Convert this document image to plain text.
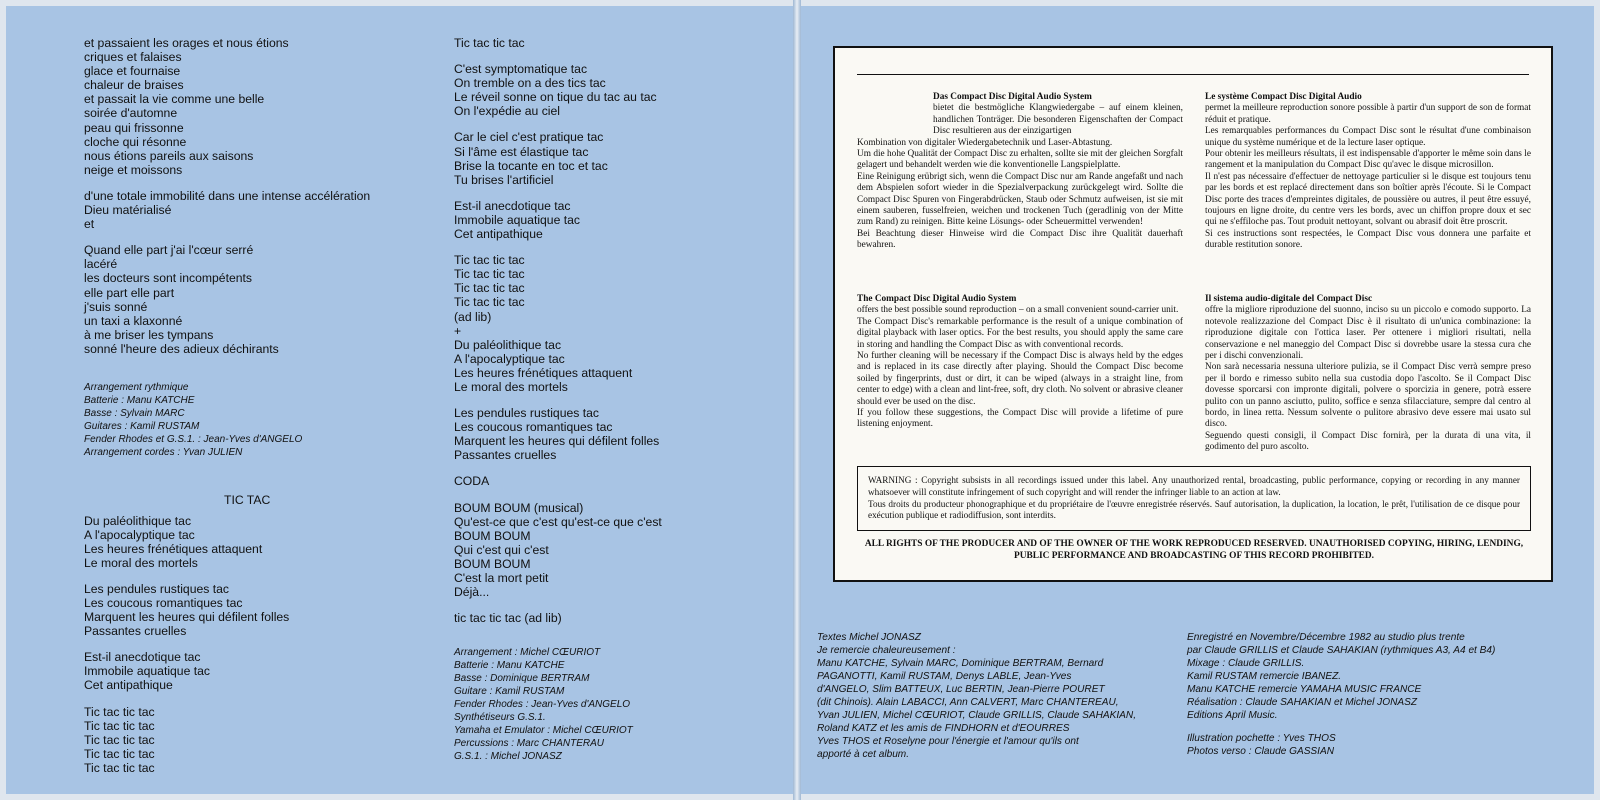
et passaient les orages et nous étions
criques et falaises
glace et fournaise
chaleur de braises
et passait la vie comme une belle
soirée d'automne
peau qui frissonne
cloche qui résonne
nous étions pareils aux saisons
neige et moissons
d'une totale immobilité dans une intense accélération
Dieu matérialisé
et
Quand elle part j'ai l'cœur serré
lacéré
les docteurs sont incompétents
elle part elle part
j'suis sonné
un taxi a klaxonné
à me briser les tympans
sonné l'heure des adieux déchirants
Arrangement rythmique
Batterie : Manu KATCHE
Basse : Sylvain MARC
Guitares : Kamil RUSTAM
Fender Rhodes et G.S.1. : Jean-Yves d'ANGELO
Arrangement cordes : Yvan JULIEN
TIC TAC
Du paléolithique tac
A l'apocalyptique tac
Les heures frénétiques attaquent
Le moral des mortels
Les pendules rustiques tac
Les coucous romantiques tac
Marquent les heures qui défilent folles
Passantes cruelles
Est-il anecdotique tac
Immobile aquatique tac
Cet antipathique
Tic tac tic tac
Tic tac tic tac
Tic tac tic tac
Tic tac tic tac
Tic tac tic tac
Tic tac tic tac
C'est symptomatique tac
On tremble on a des tics tac
Le réveil sonne on tique du tac au tac
On l'expédie au ciel
Car le ciel c'est pratique tac
Si l'âme est élastique tac
Brise la tocante en toc et tac
Tu brises l'artificiel
Est-il anecdotique tac
Immobile aquatique tac
Cet antipathique
Tic tac tic tac
Tic tac tic tac
Tic tac tic tac
Tic tac tic tac
(ad lib)
+
Du paléolithique tac
A l'apocalyptique tac
Les heures frénétiques attaquent
Le moral des mortels
Les pendules rustiques tac
Les coucous romantiques tac
Marquent les heures qui défilent folles
Passantes cruelles
CODA
BOUM BOUM (musical)
Qu'est-ce que c'est qu'est-ce que c'est
BOUM BOUM
Qui c'est qui c'est
BOUM BOUM
C'est la mort petit
Déjà...
tic tac tic tac (ad lib)
Arrangement : Michel CŒURIOT
Batterie : Manu KATCHE
Basse : Dominique BERTRAM
Guitare : Kamil RUSTAM
Fender Rhodes : Jean-Yves d'ANGELO
Synthétiseurs G.S.1.
Yamaha et Emulator : Michel CŒURIOT
Percussions : Marc CHANTERAU
G.S.1. : Michel JONASZ

Das Compact Disc Digital Audio System

bietet die bestmögliche Klangwiedergabe – auf einem kleinen, handlichen Tonträger. Die besonderen Eigenschaften der Compact Disc resultieren aus der einzigartigen

Kombination von digitaler Wiedergabetechnik und Laser-Abtastung.

Um die hohe Qualität der Compact Disc zu erhalten, sollte sie mit der gleichen Sorgfalt gelagert und behandelt werden wie die konventionelle Langspielplatte.

Eine Reinigung erübrigt sich, wenn die Compact Disc nur am Rande angefaßt und nach dem Abspielen sofort wieder in die Spezialverpackung zurückgelegt wird. Sollte die Compact Disc Spuren von Fingerabdrücken, Staub oder Schmutz aufweisen, ist sie mit einem sauberen, fusselfreien, weichen und trockenen Tuch (geradlinig von der Mitte zum Rand) zu reinigen. Bitte keine Lösungs- oder Scheuermittel verwenden!

Bei Beachtung dieser Hinweise wird die Compact Disc ihre Qualität dauerhaft bewahren.

Le système Compact Disc Digital Audio

permet la meilleure reproduction sonore possible à partir d'un support de son de format réduit et pratique.

Les remarquables performances du Compact Disc sont le résultat d'une combinaison unique du système numérique et de la lecture laser optique.

Pour obtenir les meilleurs résultats, il est indispensable d'apporter le même soin dans le rangement et la manipulation du Compact Disc qu'avec le disque microsillon.

Il n'est pas nécessaire d'effectuer de nettoyage particulier si le disque est toujours tenu par les bords et est replacé directement dans son boîtier après l'écoute. Si le Compact Disc porte des traces d'empreintes digitales, de poussière ou autres, il peut être essuyé, toujours en ligne droite, du centre vers les bords, avec un chiffon propre doux et sec qui ne s'effiloche pas. Tout produit nettoyant, solvant ou abrasif doit être proscrit.

Si ces instructions sont respectées, le Compact Disc vous donnera une parfaite et durable restitution sonore.

The Compact Disc Digital Audio System

offers the best possible sound reproduction – on a small convenient sound-carrier unit.

The Compact Disc's remarkable performance is the result of a unique combination of digital playback with laser optics. For the best results, you should apply the same care in storing and handling the Compact Disc as with conventional records.

No further cleaning will be necessary if the Compact Disc is always held by the edges and is replaced in its case directly after playing. Should the Compact Disc become soiled by fingerprints, dust or dirt, it can be wiped (always in a straight line, from center to edge) with a clean and lint-free, soft, dry cloth. No solvent or abrasive cleaner should ever be used on the disc.

If you follow these suggestions, the Compact Disc will provide a lifetime of pure listening enjoyment.

Il sistema audio-digitale del Compact Disc

offre la migliore riproduzione del suonno, inciso su un piccolo e comodo supporto. La notevole realizzazione del Compact Disc è il risultato di un'unica combinazione: la riproduzione digitale con l'ottica laser. Per ottenere i migliori risultati, nella conservazione e nel maneggio del Compact Disc si dovrebbe usare la stessa cura che per i dischi convenzionali.

Non sarà necessaria nessuna ulteriore pulizia, se il Compact Disc verrà sempre preso per il bordo e rimesso subito nella sua custodia dopo l'ascolto. Se il Compact Disc dovesse sporcarsi con impronte digitali, polvere o sporcizia in genere, potrà essere pulito con un panno asciutto, pulito, soffice e senza sfilacciature, sempre dal centro al bordo, in linea retta. Nessum solvente o pulitore abrasivo deve essere mai usato sul disco.

Seguendo questi consigli, il Compact Disc fornirà, per la durata di una vita, il godimento del puro ascolto.

WARNING : Copyright subsists in all recordings issued under this label. Any unauthorized rental, broadcasting, public performance, copying or recording in any manner whatsoever will constitute infringement of such copyright and will render the infringer liable to an action at law.

Tous droits du producteur phonographique et du propriétaire de l'œuvre enregistrée réservés. Sauf autorisation, la duplication, la location, le prêt, l'utilisation de ce disque pour exécution publique et radiodiffusion, sont interdits.

ALL RIGHTS OF THE PRODUCER AND OF THE OWNER OF THE WORK REPRODUCED RESERVED. UNAUTHORISED COPYING, HIRING, LENDING, PUBLIC PERFORMANCE AND BROADCASTING OF THIS RECORD PROHIBITED.
Textes Michel JONASZ
Je remercie chaleureusement :
Manu KATCHE, Sylvain MARC, Dominique BERTRAM, Bernard
PAGANOTTI, Kamil RUSTAM, Denys LABLE, Jean-Yves
d'ANGELO, Slim BATTEUX, Luc BERTIN, Jean-Pierre POURET
(dit Chinois). Alain LABACCI, Ann CALVERT, Marc CHANTEREAU,
Yvan JULIEN, Michel CŒURIOT, Claude GRILLIS, Claude SAHAKIAN,
Roland KATZ et les amis de FINDHORN et d'EOURRES
Yves THOS et Roselyne pour l'énergie et l'amour qu'ils ont
apporté à cet album.
Enregistré en Novembre/Décembre 1982 au studio plus trente
par Claude GRILLIS et Claude SAHAKIAN (rythmiques A3, A4 et B4)
Mixage : Claude GRILLIS.
Kamil RUSTAM remercie IBANEZ.
Manu KATCHE remercie YAMAHA MUSIC FRANCE
Réalisation : Claude SAHAKIAN et Michel JONASZ
Editions April Music.
Illustration pochette : Yves THOS
Photos verso : Claude GASSIAN
